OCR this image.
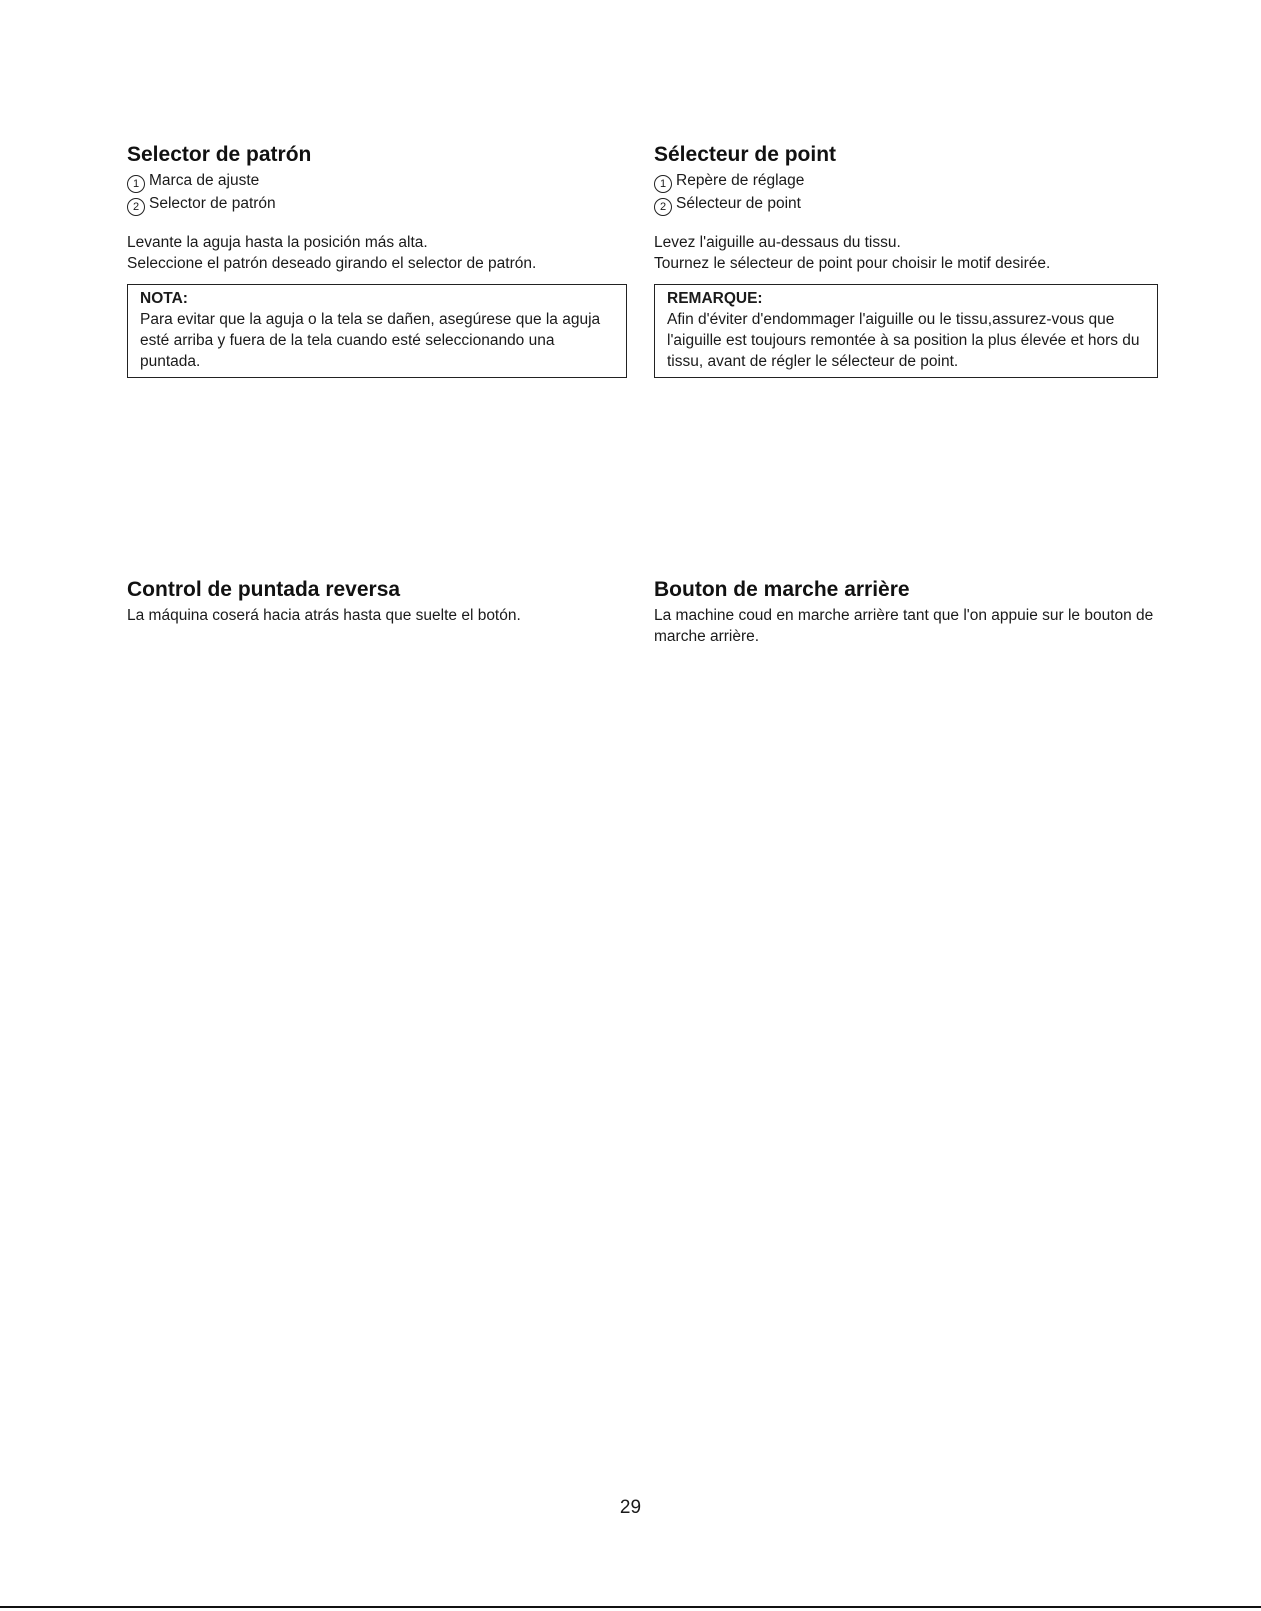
Selector de patrón
1 Marca de ajuste
2 Selector de patrón
Levante la aguja hasta la posición más alta.
Seleccione el patrón deseado girando el selector de patrón.
NOTA:
Para evitar que la aguja o la tela se dañen, asegúrese que la aguja esté arriba y fuera de la tela cuando esté seleccionando una puntada.
Sélecteur de point
1 Repère de réglage
2 Sélecteur de point
Levez l'aiguille au-dessaus du tissu.
Tournez le sélecteur de point pour choisir le motif desirée.
REMARQUE:
Afin d'éviter d'endommager l'aiguille ou le tissu,assurez-vous que l'aiguille est toujours remontée à sa position la plus élevée et hors du tissu, avant de régler le sélecteur de point.
Control de puntada reversa
La máquina coserá hacia atrás hasta que suelte el botón.
Bouton de marche arrière
La machine coud en marche arrière tant que l'on appuie sur le bouton de marche arrière.
29
